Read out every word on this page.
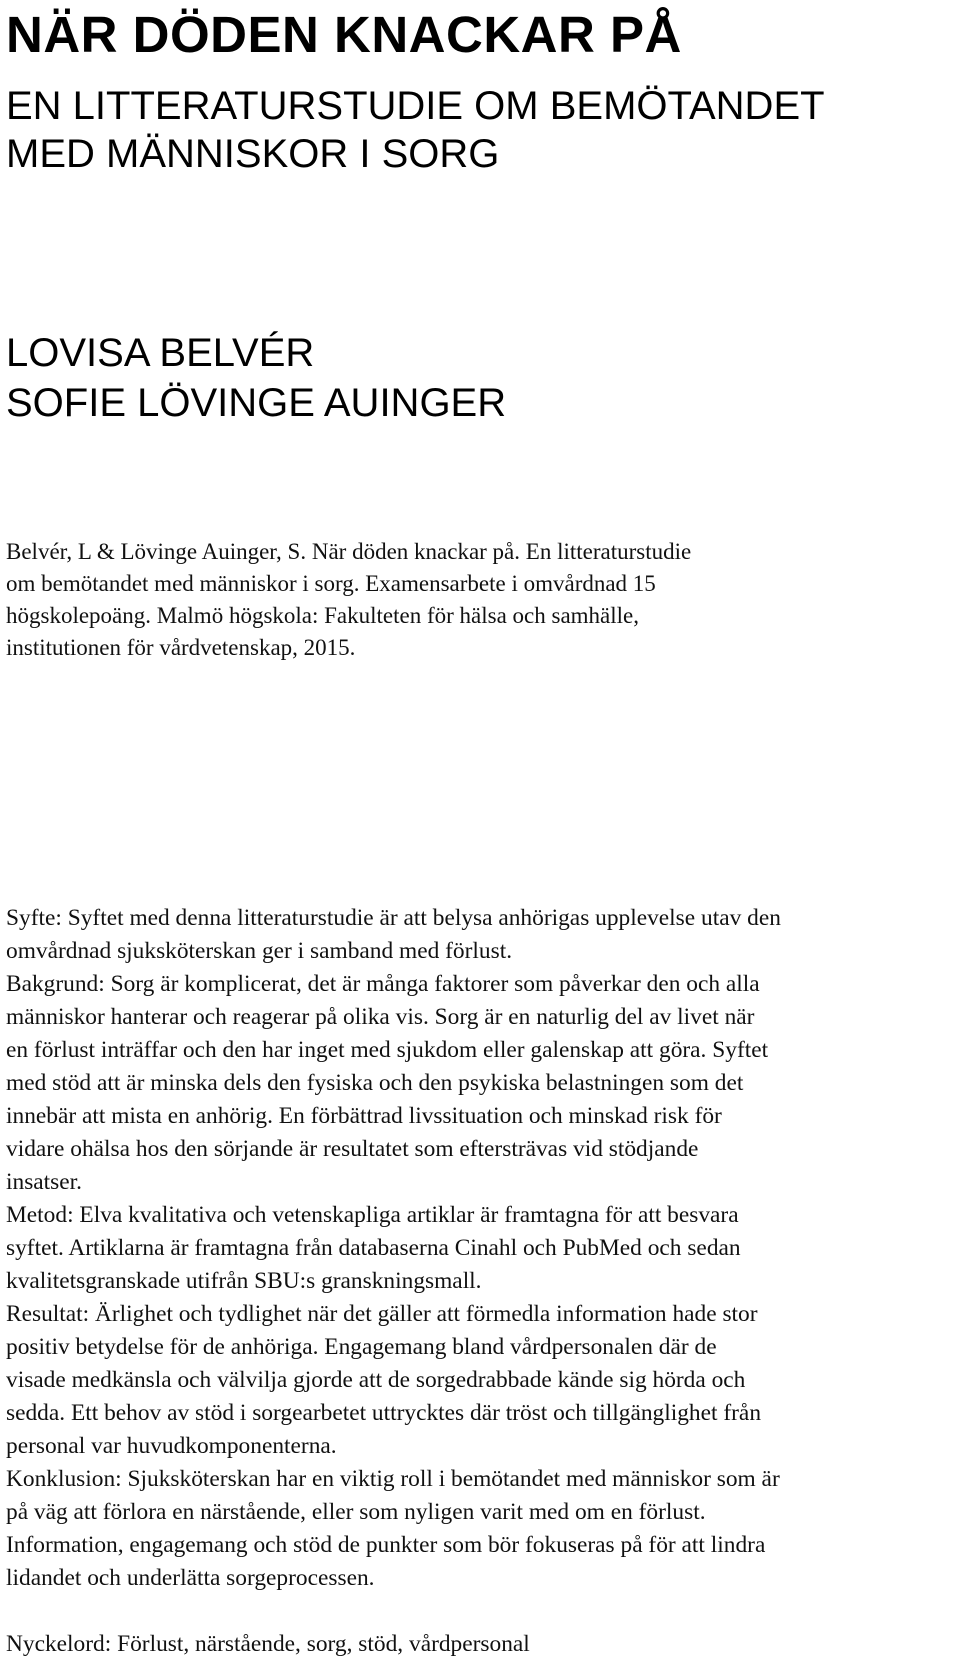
NÄR DÖDEN KNACKAR PÅ
EN LITTERATURSTUDIE OM BEMÖTANDET
MED MÄNNISKOR I SORG
LOVISA BELVÉR
SOFIE LÖVINGE AUINGER

Belvér, L & Lövinge Auinger, S. När döden knackar på. En litteraturstudie
om bemötandet med människor i sorg. Examensarbete i omvårdnad 15
högskolepoäng. Malmö högskola: Fakulteten för hälsa och samhälle,
institutionen för vårdvetenskap, 2015.

Syfte: Syftet med denna litteraturstudie är att belysa anhörigas upplevelse utav den
omvårdnad sjuksköterskan ger i samband med förlust.
Bakgrund: Sorg är komplicerat, det är många faktorer som påverkar den och alla
människor hanterar och reagerar på olika vis. Sorg är en naturlig del av livet när
en förlust inträffar och den har inget med sjukdom eller galenskap att göra. Syftet
med stöd att är minska dels den fysiska och den psykiska belastningen som det
innebär att mista en anhörig. En förbättrad livssituation och minskad risk för
vidare ohälsa hos den sörjande är resultatet som eftersträvas vid stödjande
insatser.
Metod: Elva kvalitativa och vetenskapliga artiklar är framtagna för att besvara
syftet. Artiklarna är framtagna från databaserna Cinahl och PubMed och sedan
kvalitetsgranskade utifrån SBU:s granskningsmall.
Resultat: Ärlighet och tydlighet när det gäller att förmedla information hade stor
positiv betydelse för de anhöriga. Engagemang bland vårdpersonalen där de
visade medkänsla och välvilja gjorde att de sorgedrabbade kände sig hörda och
sedda. Ett behov av stöd i sorgearbetet uttrycktes där tröst och tillgänglighet från
personal var huvudkomponenterna.
Konklusion: Sjuksköterskan har en viktig roll i bemötandet med människor som är
på väg att förlora en närstående, eller som nyligen varit med om en förlust.
Information, engagemang och stöd de punkter som bör fokuseras på för att lindra
lidandet och underlätta sorgeprocessen.

Nyckelord: Förlust, närstående, sorg, stöd, vårdpersonal
